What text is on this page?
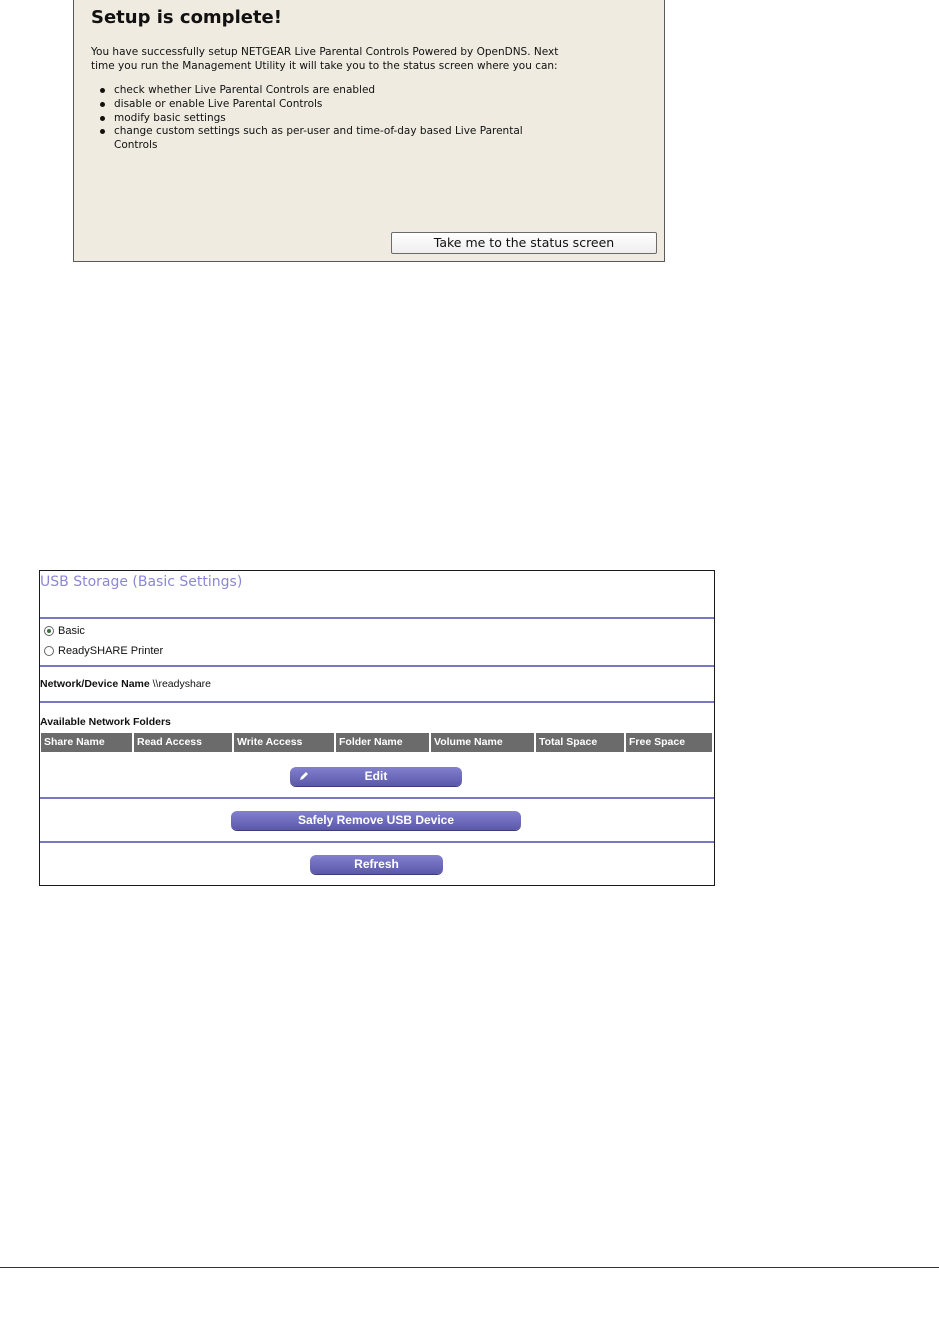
Setup is complete!

You have successfully setup NETGEAR Live Parental Controls Powered by OpenDNS. Next time you run the Management Utility it will take you to the status screen where you can:

check whether Live Parental Controls are enabled
disable or enable Live Parental Controls
modify basic settings
change custom settings such as per-user and time-of-day based Live Parental Controls
Take me to the status screen
USB Storage (Basic Settings)
Basic
ReadySHARE Printer
Network/Device Name \\readyshare
Available Network Folders
Share Name	Read Access	Write Access	Folder Name	Volume Name	Total Space	Free Space
Edit
Safely Remove USB Device
Refresh
